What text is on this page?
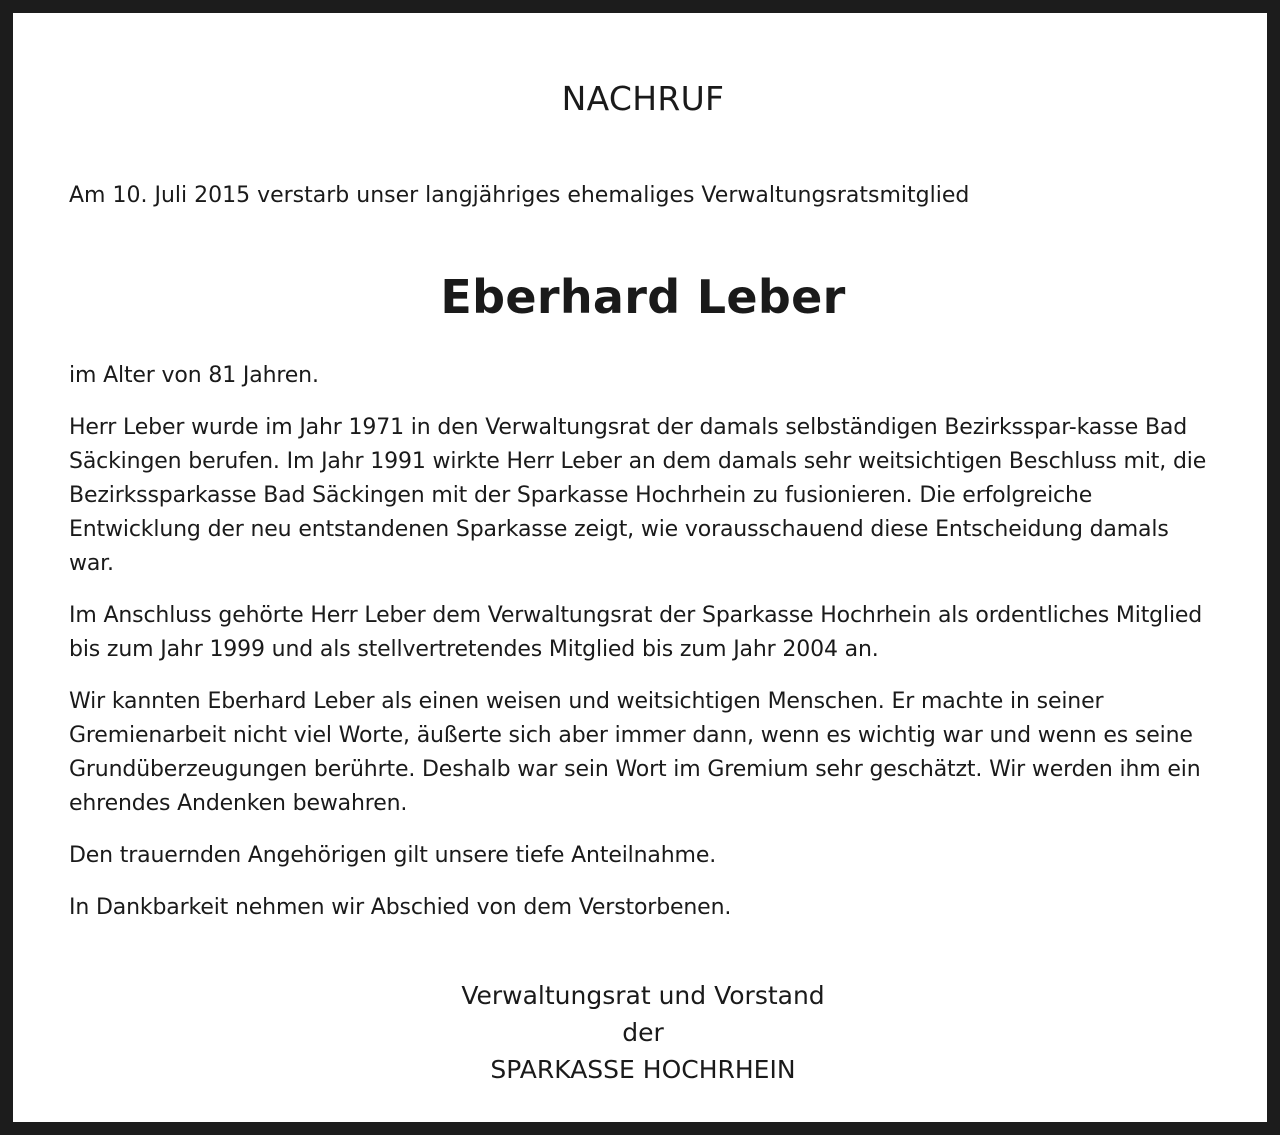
NACHRUF
Am 10. Juli 2015 verstarb unser langjähriges ehemaliges Verwaltungsratsmitglied
Eberhard Leber

im Alter von 81 Jahren.

Herr Leber wurde im Jahr 1971 in den Verwaltungsrat der damals selbständigen Bezirksspar-kasse Bad Säckingen berufen. Im Jahr 1991 wirkte Herr Leber an dem damals sehr weitsichtigen Beschluss mit, die Bezirkssparkasse Bad Säckingen mit der Sparkasse Hochrhein zu fusionieren. Die erfolgreiche Entwicklung der neu entstandenen Sparkasse zeigt, wie vorausschauend diese Entscheidung damals war.

Im Anschluss gehörte Herr Leber dem Verwaltungsrat der Sparkasse Hochrhein als ordentliches Mitglied bis zum Jahr 1999 und als stellvertretendes Mitglied bis zum Jahr 2004 an.

Wir kannten Eberhard Leber als einen weisen und weitsichtigen Menschen. Er machte in seiner Gremienarbeit nicht viel Worte, äußerte sich aber immer dann, wenn es wichtig war und wenn es seine Grundüberzeugungen berührte. Deshalb war sein Wort im Gremium sehr geschätzt. Wir werden ihm ein ehrendes Andenken bewahren.

Den trauernden Angehörigen gilt unsere tiefe Anteilnahme.

In Dankbarkeit nehmen wir Abschied von dem Verstorbenen.

Verwaltungsrat und Vorstand
der
SPARKASSE HOCHRHEIN
